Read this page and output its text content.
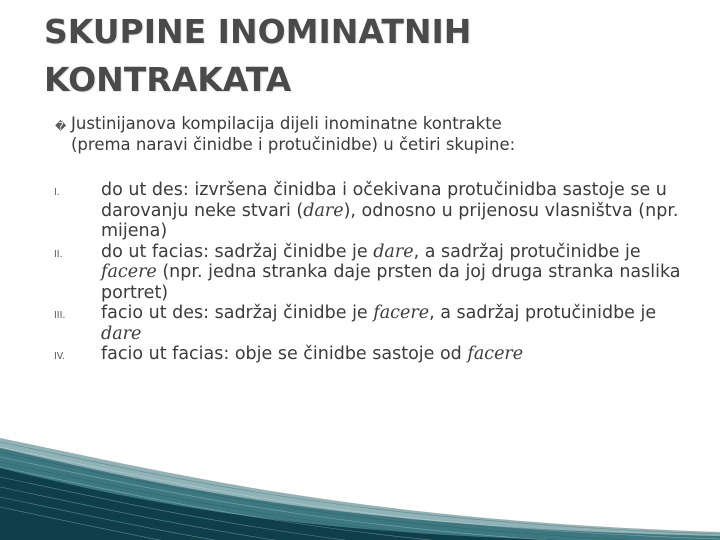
SKUPINE INOMINATNIH
KONTRAKATA
� Justinijanova kompilacija dijeli inominatne kontrakte
(prema naravi činidbe i protučinidbe) u četiri skupine:
I. do ut des: izvršena činidba i očekivana protučinidba sastoje se u darovanju neke stvari (dare), odnosno u prijenosu vlasništva (npr. mijena)
II. do ut facias: sadržaj činidbe je dare, a sadržaj protučinidbe je facere (npr. jedna stranka daje prsten da joj druga stranka naslika portret)
III. facio ut des: sadržaj činidbe je facere, a sadržaj protučinidbe je dare
IV. facio ut facias: obje se činidbe sastoje od facere
